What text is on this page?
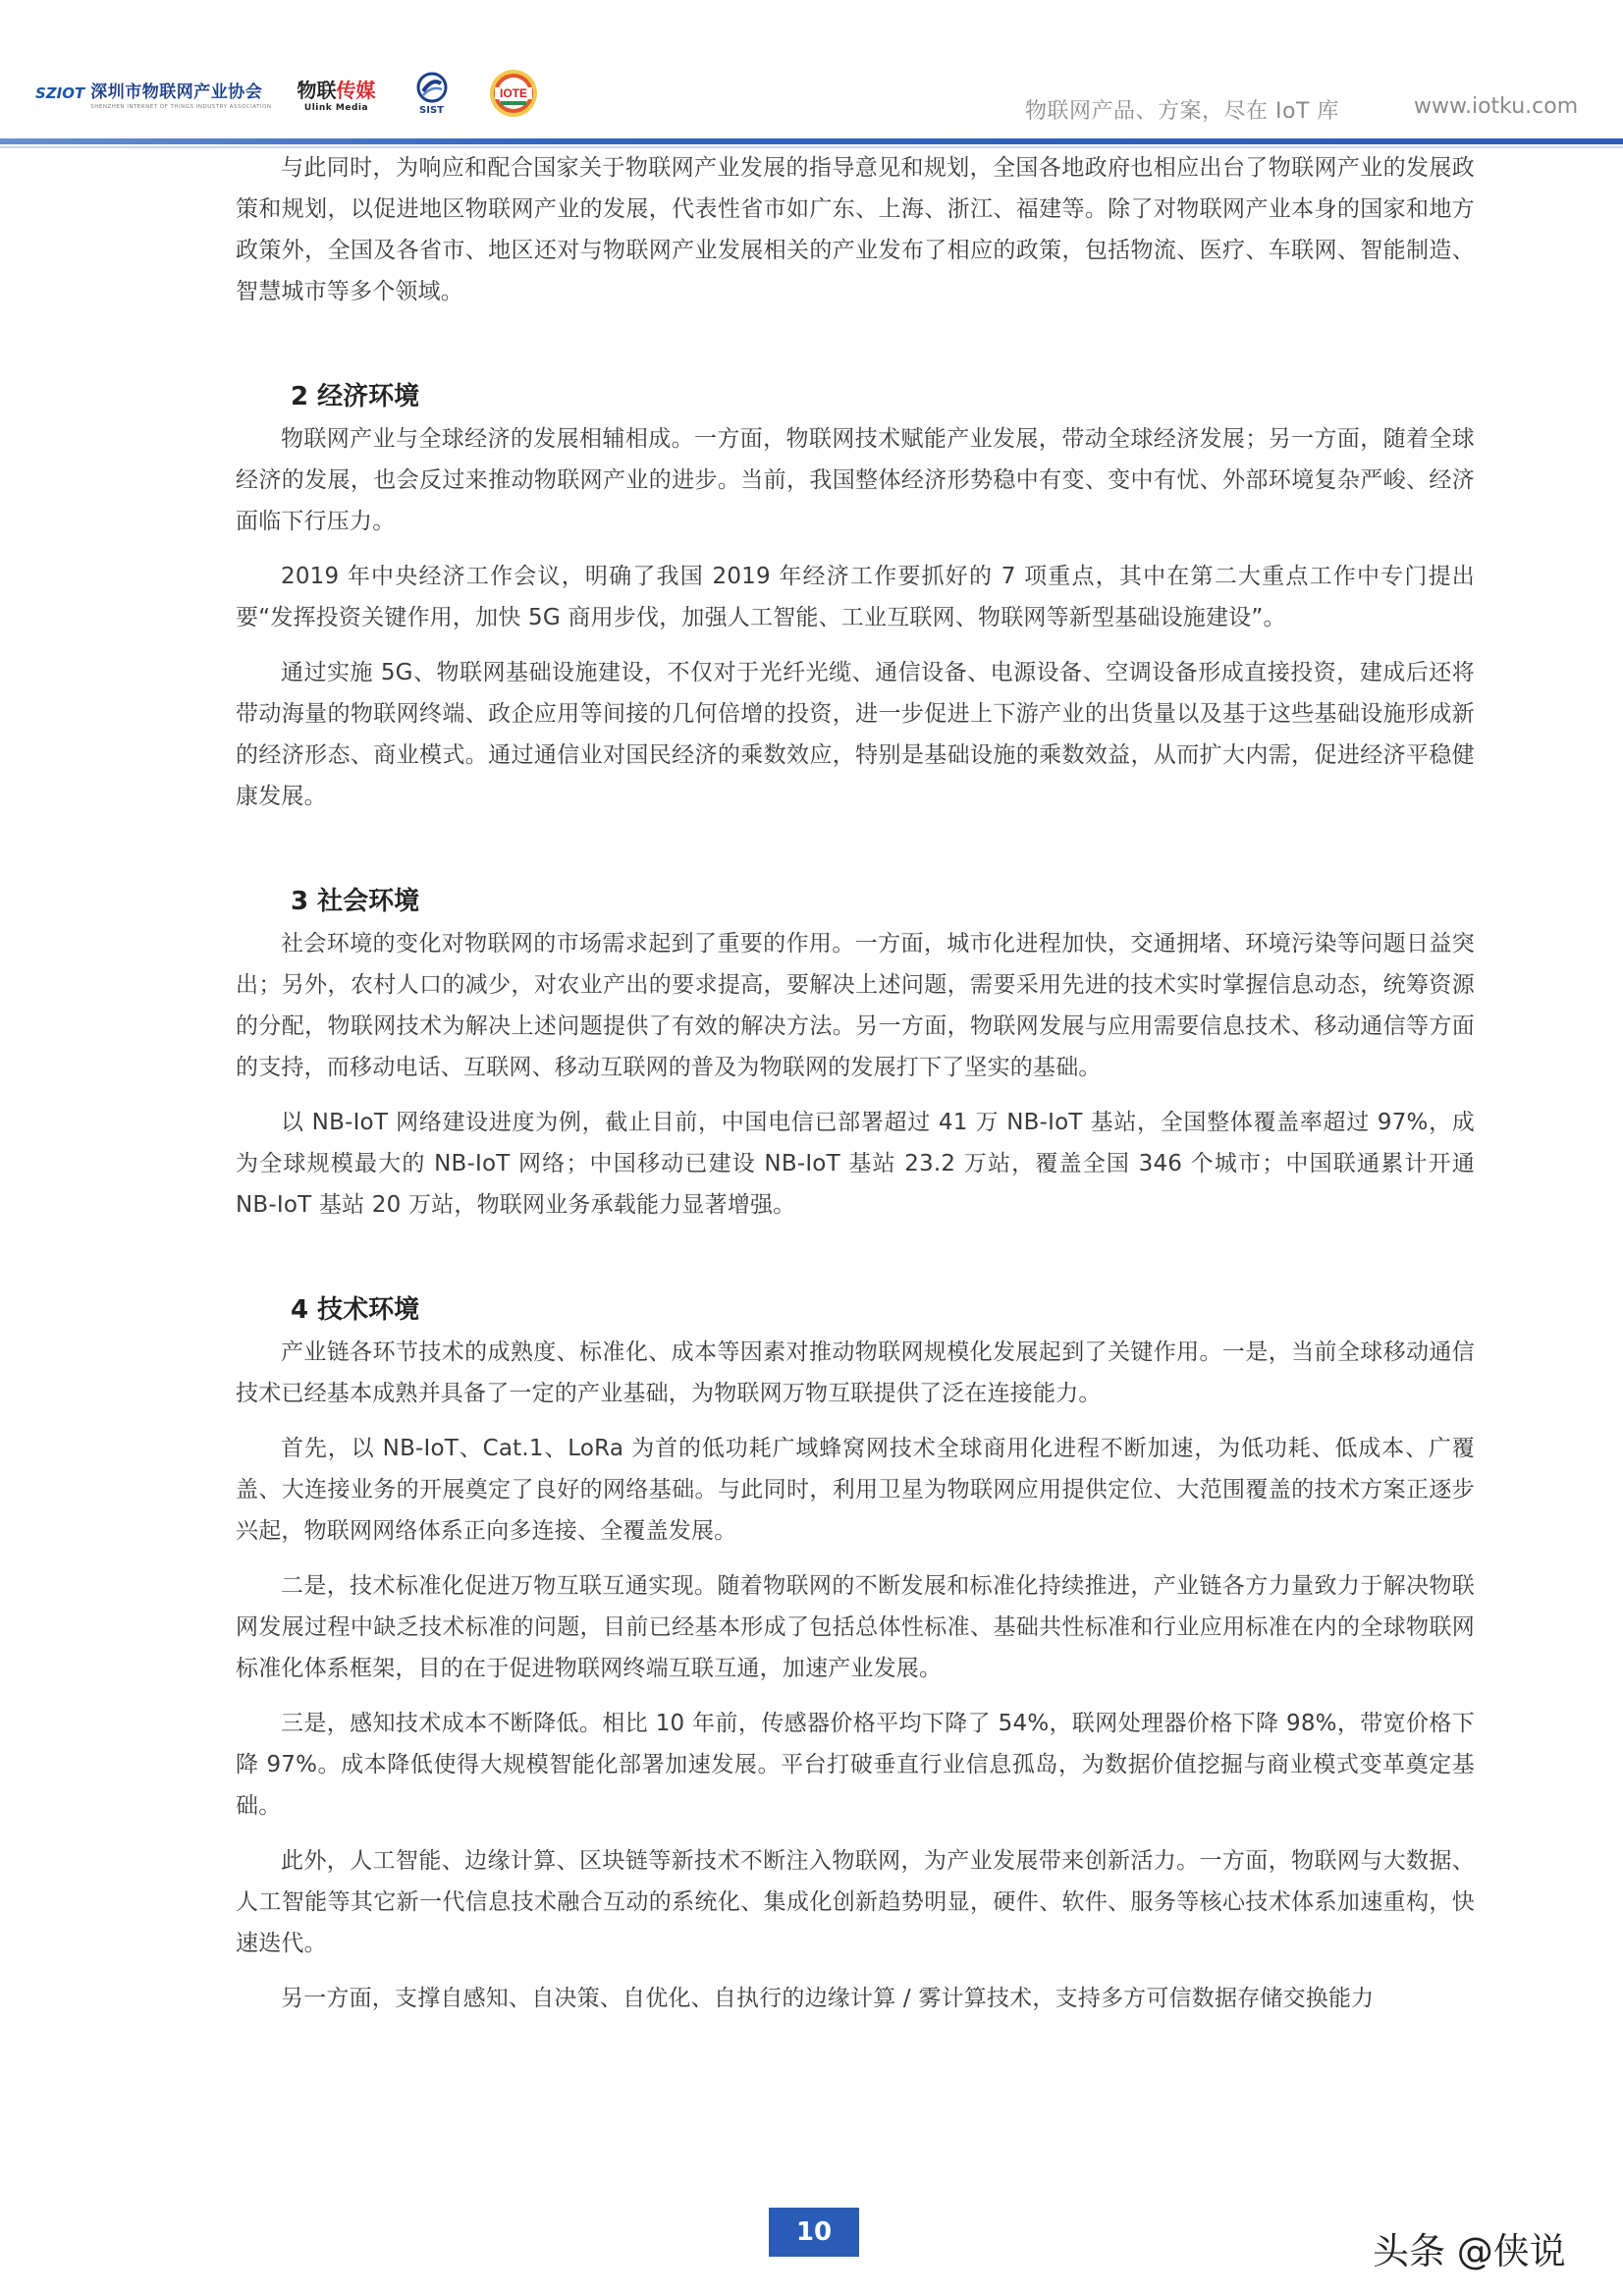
SZIOT 深圳市物联网产业协会
SHENZHEN INTERNET OF THINGS INDUSTRY ASSOCIATION
物联传媒
Ulink Media	SIST
IOTE
物联网产品、方案，尽在 IoT 库	www.iotku.com

与此同时，为响应和配合国家关于物联网产业发展的指导意见和规划，全国各地政府也相应出台了物联网产业的发展政策和规划，以促进地区物联网产业的发展，代表性省市如广东、上海、浙江、福建等。除了对物联网产业本身的国家和地方政策外，全国及各省市、地区还对与物联网产业发展相关的产业发布了相应的政策，包括物流、医疗、车联网、智能制造、智慧城市等多个领域。

2 经济环境

物联网产业与全球经济的发展相辅相成。一方面，物联网技术赋能产业发展，带动全球经济发展；另一方面，随着全球经济的发展，也会反过来推动物联网产业的进步。当前，我国整体经济形势稳中有变、变中有忧、外部环境复杂严峻、经济面临下行压力。

2019 年中央经济工作会议，明确了我国 2019 年经济工作要抓好的 7 项重点，其中在第二大重点工作中专门提出要“发挥投资关键作用，加快 5G 商用步伐，加强人工智能、工业互联网、物联网等新型基础设施建设”。

通过实施 5G、物联网基础设施建设，不仅对于光纤光缆、通信设备、电源设备、空调设备形成直接投资，建成后还将带动海量的物联网终端、政企应用等间接的几何倍增的投资，进一步促进上下游产业的出货量以及基于这些基础设施形成新的经济形态、商业模式。通过通信业对国民经济的乘数效应，特别是基础设施的乘数效益，从而扩大内需，促进经济平稳健康发展。

3 社会环境

社会环境的变化对物联网的市场需求起到了重要的作用。一方面，城市化进程加快，交通拥堵、环境污染等问题日益突出；另外，农村人口的减少，对农业产出的要求提高，要解决上述问题，需要采用先进的技术实时掌握信息动态，统筹资源的分配，物联网技术为解决上述问题提供了有效的解决方法。另一方面，物联网发展与应用需要信息技术、移动通信等方面的支持，而移动电话、互联网、移动互联网的普及为物联网的发展打下了坚实的基础。

以 NB-IoT 网络建设进度为例，截止目前，中国电信已部署超过 41 万 NB-IoT 基站，全国整体覆盖率超过 97%，成为全球规模最大的 NB-IoT 网络；中国移动已建设 NB-IoT 基站 23.2 万站，覆盖全国 346 个城市；中国联通累计开通 NB-IoT 基站 20 万站，物联网业务承载能力显著增强。

4 技术环境

产业链各环节技术的成熟度、标准化、成本等因素对推动物联网规模化发展起到了关键作用。一是，当前全球移动通信技术已经基本成熟并具备了一定的产业基础，为物联网万物互联提供了泛在连接能力。

首先，以 NB-IoT、Cat.1、LoRa 为首的低功耗广域蜂窝网技术全球商用化进程不断加速，为低功耗、低成本、广覆盖、大连接业务的开展奠定了良好的网络基础。与此同时，利用卫星为物联网应用提供定位、大范围覆盖的技术方案正逐步兴起，物联网网络体系正向多连接、全覆盖发展。

二是，技术标准化促进万物互联互通实现。随着物联网的不断发展和标准化持续推进，产业链各方力量致力于解决物联网发展过程中缺乏技术标准的问题，目前已经基本形成了包括总体性标准、基础共性标准和行业应用标准在内的全球物联网标准化体系框架，目的在于促进物联网终端互联互通，加速产业发展。

三是，感知技术成本不断降低。相比 10 年前，传感器价格平均下降了 54%，联网处理器价格下降 98%，带宽价格下降 97%。成本降低使得大规模智能化部署加速发展。平台打破垂直行业信息孤岛，为数据价值挖掘与商业模式变革奠定基础。

此外，人工智能、边缘计算、区块链等新技术不断注入物联网，为产业发展带来创新活力。一方面，物联网与大数据、人工智能等其它新一代信息技术融合互动的系统化、集成化创新趋势明显，硬件、软件、服务等核心技术体系加速重构，快速迭代。

另一方面，支撑自感知、自决策、自优化、自执行的边缘计算 / 雾计算技术，支持多方可信数据存储交换能力

10	头条 @侠说
